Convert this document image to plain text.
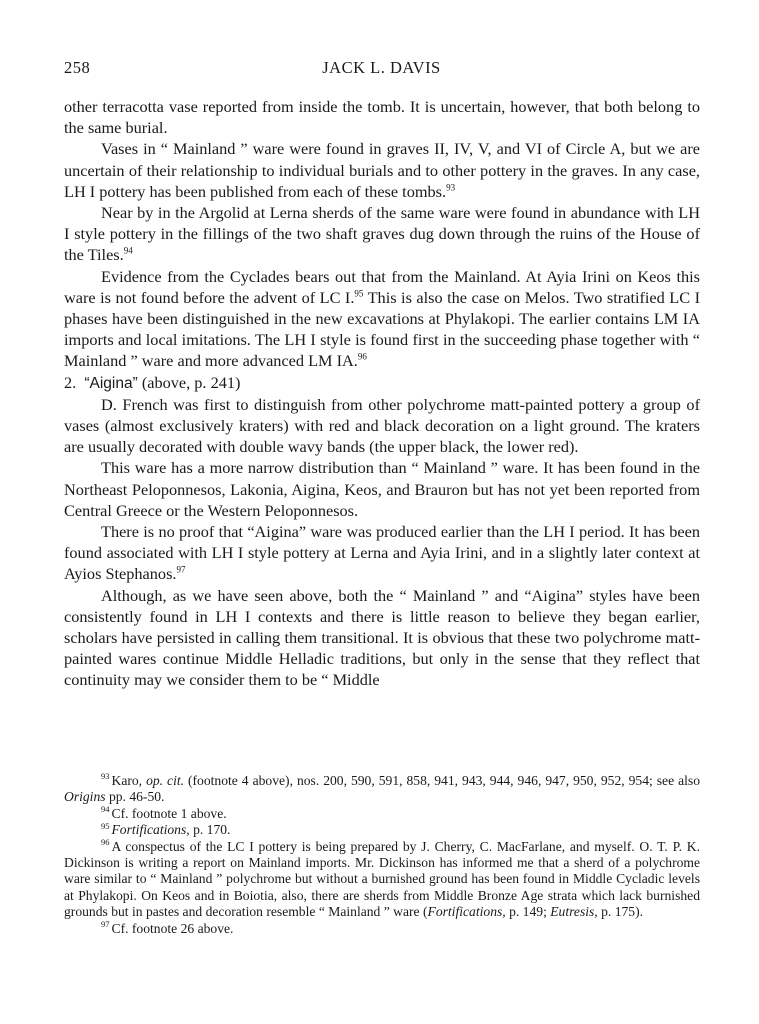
258	JACK L. DAVIS

other terracotta vase reported from inside the tomb. It is uncertain, however, that both belong to the same burial.

Vases in “ Mainland ” ware were found in graves II, IV, V, and VI of Circle A, but we are uncertain of their relationship to individual burials and to other pottery in the graves. In any case, LH I pottery has been published from each of these tombs.$^{93}$

Near by in the Argolid at Lerna sherds of the same ware were found in abundance with LH I style pottery in the fillings of the two shaft graves dug down through the ruins of the House of the Tiles.$^{94}$

Evidence from the Cyclades bears out that from the Mainland. At Ayia Irini on Keos this ware is not found before the advent of LC I.$^{95}$ This is also the case on Melos. Two stratified LC I phases have been distinguished in the new excavations at Phylakopi. The earlier contains LM IA imports and local imitations. The LH I style is found first in the succeeding phase together with “ Mainland ” ware and more advanced LM IA.$^{96}$

2. “Aigina” (above, p. 241)

D. French was first to distinguish from other polychrome matt-painted pottery a group of vases (almost exclusively kraters) with red and black decoration on a light ground. The kraters are usually decorated with double wavy bands (the upper black, the lower red).

This ware has a more narrow distribution than “ Mainland ” ware. It has been found in the Northeast Peloponnesos, Lakonia, Aigina, Keos, and Brauron but has not yet been reported from Central Greece or the Western Peloponnesos.

There is no proof that “Aigina” ware was produced earlier than the LH I period. It has been found associated with LH I style pottery at Lerna and Ayia Irini, and in a slightly later context at Ayios Stephanos.$^{97}$

Although, as we have seen above, both the “ Mainland ” and “Aigina” styles have been consistently found in LH I contexts and there is little reason to believe they began earlier, scholars have persisted in calling them transitional. It is obvious that these two polychrome matt-painted wares continue Middle Helladic traditions, but only in the sense that they reflect that continuity may we consider them to be “ Middle

$^{93}$ Karo, op. cit. (footnote 4 above), nos. 200, 590, 591, 858, 941, 943, 944, 946, 947, 950, 952, 954; see also Origins pp. 46-50.

$^{94}$ Cf. footnote 1 above.

$^{95}$ Fortifications, p. 170.

$^{96}$ A conspectus of the LC I pottery is being prepared by J. Cherry, C. MacFarlane, and myself. O. T. P. K. Dickinson is writing a report on Mainland imports. Mr. Dickinson has informed me that a sherd of a polychrome ware similar to “ Mainland ” polychrome but without a burnished ground has been found in Middle Cycladic levels at Phylakopi. On Keos and in Boiotia, also, there are sherds from Middle Bronze Age strata which lack burnished grounds but in pastes and decoration resemble “ Mainland ” ware (Fortifications, p. 149; Eutresis, p. 175).

$^{97}$ Cf. footnote 26 above.
